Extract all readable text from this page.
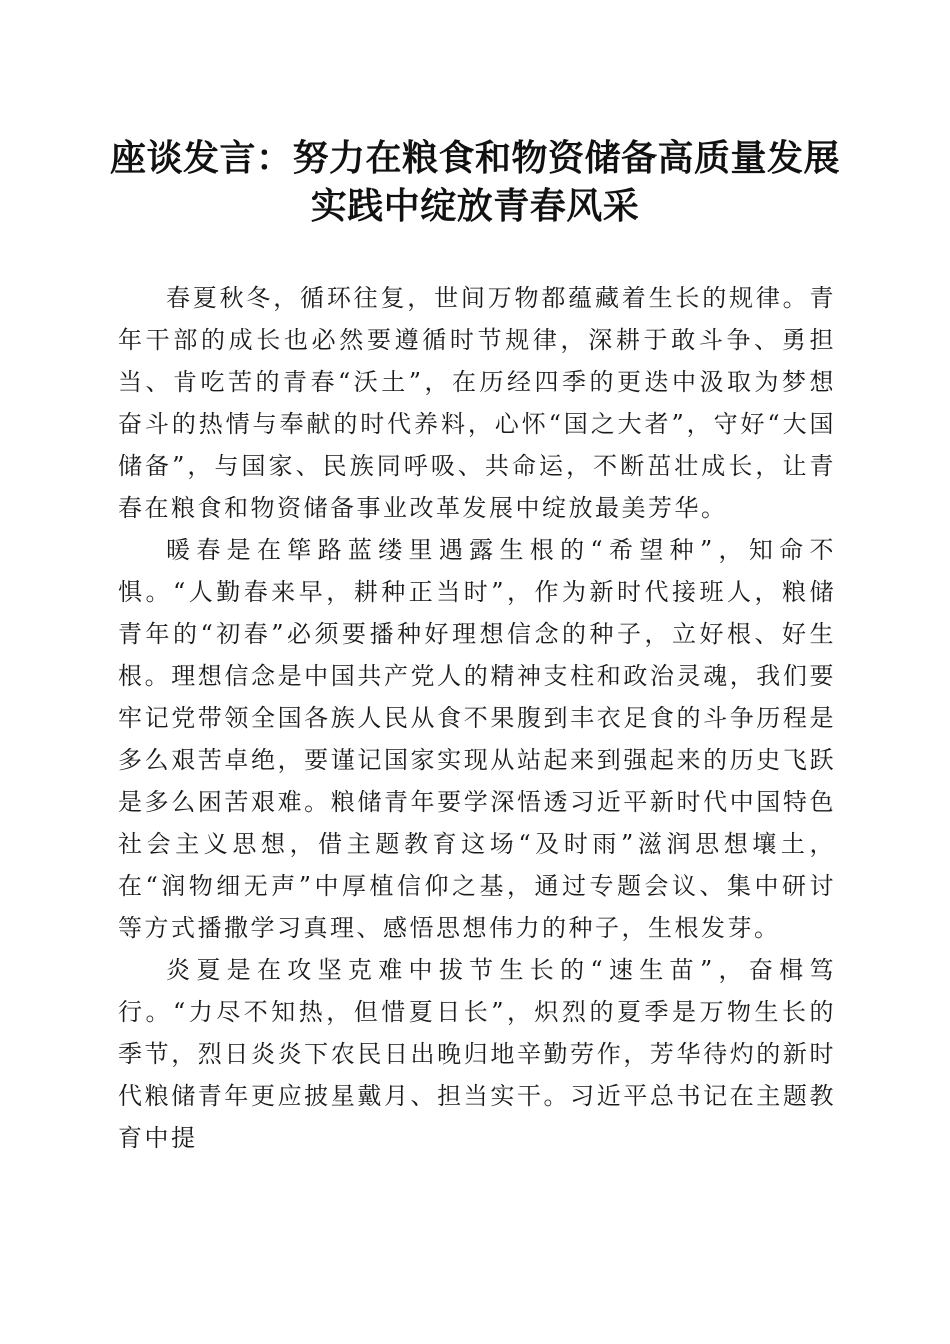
座谈发言：努力在粮食和物资储备高质量发展
实践中绽放青春风采

春夏秋冬，循环往复，世间万物都蕴藏着生长的规律。青年干部的成长也必然要遵循时节规律，深耕于敢斗争、勇担当、肯吃苦的青春“沃土”，在历经四季的更迭中汲取为梦想奋斗的热情与奉献的时代养料，心怀“国之大者”，守好“大国储备”，与国家、民族同呼吸、共命运，不断茁壮成长，让青春在粮食和物资储备事业改革发展中绽放最美芳华。

暖春是在筚路蓝缕里遇露生根的“希望种”，知命不惧。“人勤春来早，耕种正当时”，作为新时代接班人，粮储青年的“初春”必须要播种好理想信念的种子，立好根、好生根。理想信念是中国共产党人的精神支柱和政治灵魂，我们要牢记党带领全国各族人民从食不果腹到丰衣足食的斗争历程是多么艰苦卓绝，要谨记国家实现从站起来到强起来的历史飞跃是多么困苦艰难。粮储青年要学深悟透习近平新时代中国特色社会主义思想，借主题教育这场“及时雨”滋润思想壤土，在“润物细无声”中厚植信仰之基，通过专题会议、集中研讨等方式播撒学习真理、感悟思想伟力的种子，生根发芽。

炎夏是在攻坚克难中拔节生长的“速生苗”，奋楫笃行。“力尽不知热，但惜夏日长”，炽烈的夏季是万物生长的季节，烈日炎炎下农民日出晚归地辛勤劳作，芳华待灼的新时代粮储青年更应披星戴月、担当实干。习近平总书记在主题教育中提
